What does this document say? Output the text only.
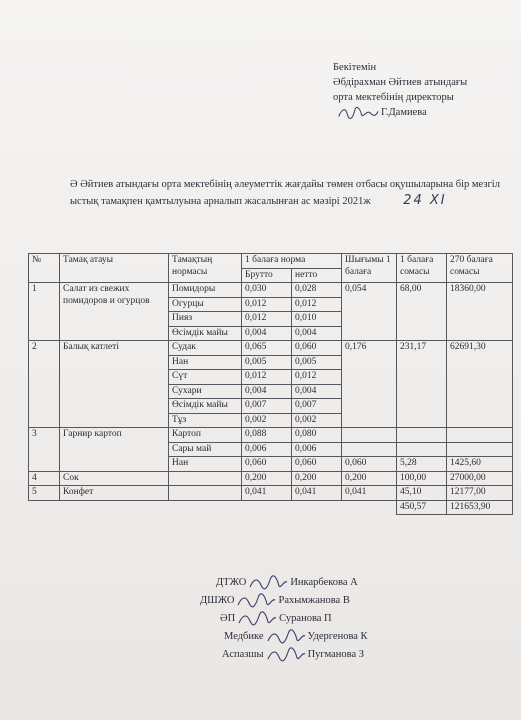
Бекітемін
Әбдірахман Әйтиев атындағы
орта мектебінің директоры
Г.Дамиева
Ә Әйтиев атындағы орта мектебінің әлеуметтік жағдайы төмен отбасы оқушыларына бір мезгіл ыстық тамақпен қамтылуына арналып жасалынған ас мәзірі 2021ж	24 XI
№	Тамақ атауы	Тамақтың нормасы	1 балаға норма		Шығымы 1 балаға	1 балаға сомасы	270 балаға сомасы
			Брутто	нетто			
1	Салат из свежих помидоров и огурцов	Помидоры	0,030	0,028	0,054	68,00	18360,00
		Огурцы	0,012	0,012			
		Пияз	0,012	0,010			
		Өсімдік майы	0,004	0,004			
2	Балық катлеті	Судак	0,065	0,060	0,176	231,17	62691,30
		Нан	0,005	0,005			
		Сүт	0,012	0,012			
		Сухари	0,004	0,004			
		Өсімдік майы	0,007	0,007			
		Тұз	0,002	0,002			
3	Гарнир картоп	Картоп	0,088	0,080			
		Сары май	0,006	0,006			
		Нан	0,060	0,060	0,060	5,28	1425,60
4	Сок		0,200	0,200	0,200	100,00	27000,00
5	Конфет		0,041	0,041	0,041	45,10	12177,00
						450,57	121653,90
ДТЖО	Инкарбекова А
ДШЖО	Рахымжанова В
ӘП	Суранова П
Медбике	Удергенова К
Аспазшы	Пугманова З
